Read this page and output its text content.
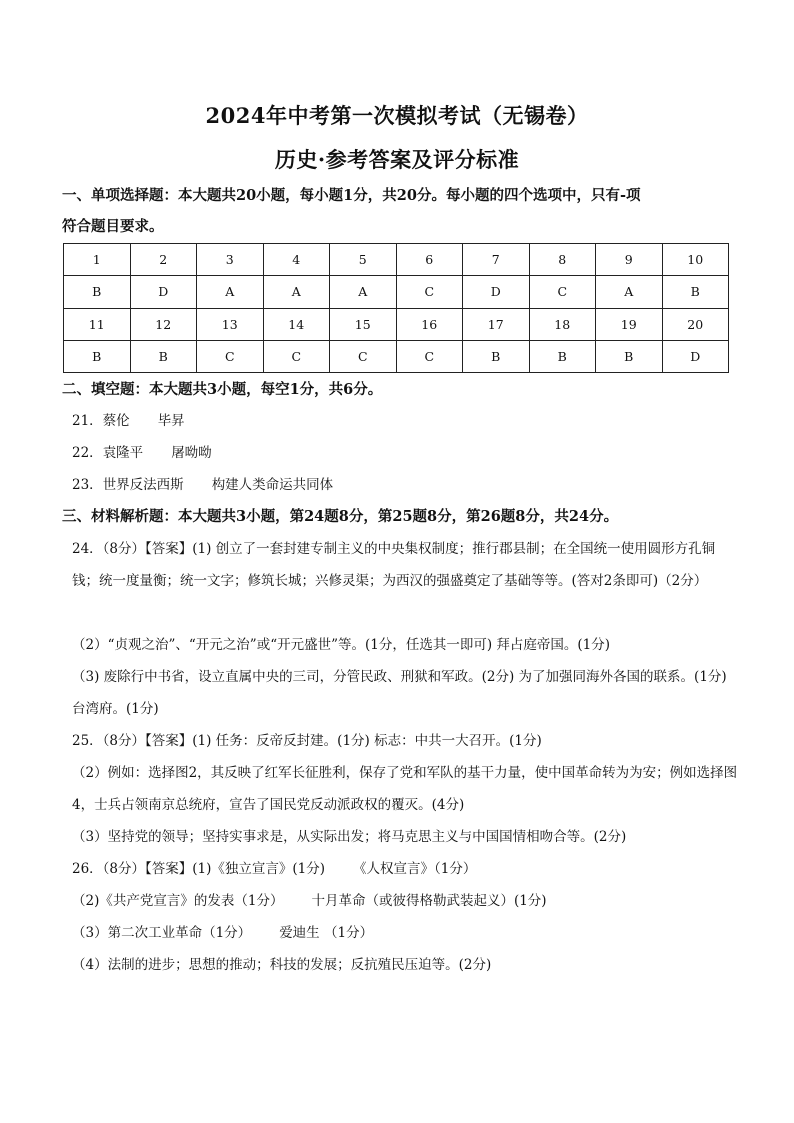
2024年中考第一次模拟考试（无锡卷）
历史·参考答案及评分标准
一、单项选择题：本大题共20小题，每小题1分，共20分。每小题的四个选项中，只有-项
符合题目要求。
1	2	3	4	5	6	7	8	9	10
B	D	A	A	A	C	D	C	A	B
11	12	13	14	15	16	17	18	19	20
B	B	C	C	C	C	B	B	B	D
二、填空题：本大题共3小题，每空1分，共6分。
21．蔡伦 毕昇
22．袁隆平 屠呦呦
23．世界反法西斯 构建人类命运共同体
三、材料解析题：本大题共3小题，第24题8分，第25题8分，第26题8分，共24分。
24．（8分）【答案】(1) 创立了一套封建专制主义的中央集权制度；推行郡县制；在全国统一使用圆形方孔铜钱；统一度量衡；统一文字；修筑长城；兴修灵渠；为西汉的强盛奠定了基础等等。(答对2条即可)（2分）
（2）“贞观之治”、“开元之治”或“开元盛世”等。(1分，任选其一即可) 拜占庭帝国。(1分)
（3) 废除行中书省，设立直属中央的三司，分管民政、刑狱和军政。(2分) 为了加强同海外各国的联系。(1分) 台湾府。(1分)
25．（8分）【答案】(1) 任务：反帝反封建。(1分) 标志：中共一大召开。(1分)
（2）例如：选择图2，其反映了红军长征胜利，保存了党和军队的基干力量，使中国革命转为为安；例如选择图4，士兵占领南京总统府，宣告了国民党反动派政权的覆灭。(4分)
（3）坚持党的领导；坚持实事求是，从实际出发；将马克思主义与中国国情相吻合等。(2分)
26．（8分）【答案】(1)《独立宣言》(1分) 《人权宣言》（1分）
（2)《共产党宣言》的发表（1分） 十月革命（或彼得格勒武装起义）(1分)
（3）第二次工业革命（1分） 爱迪生 （1分）
（4）法制的进步；思想的推动；科技的发展；反抗殖民压迫等。(2分)
